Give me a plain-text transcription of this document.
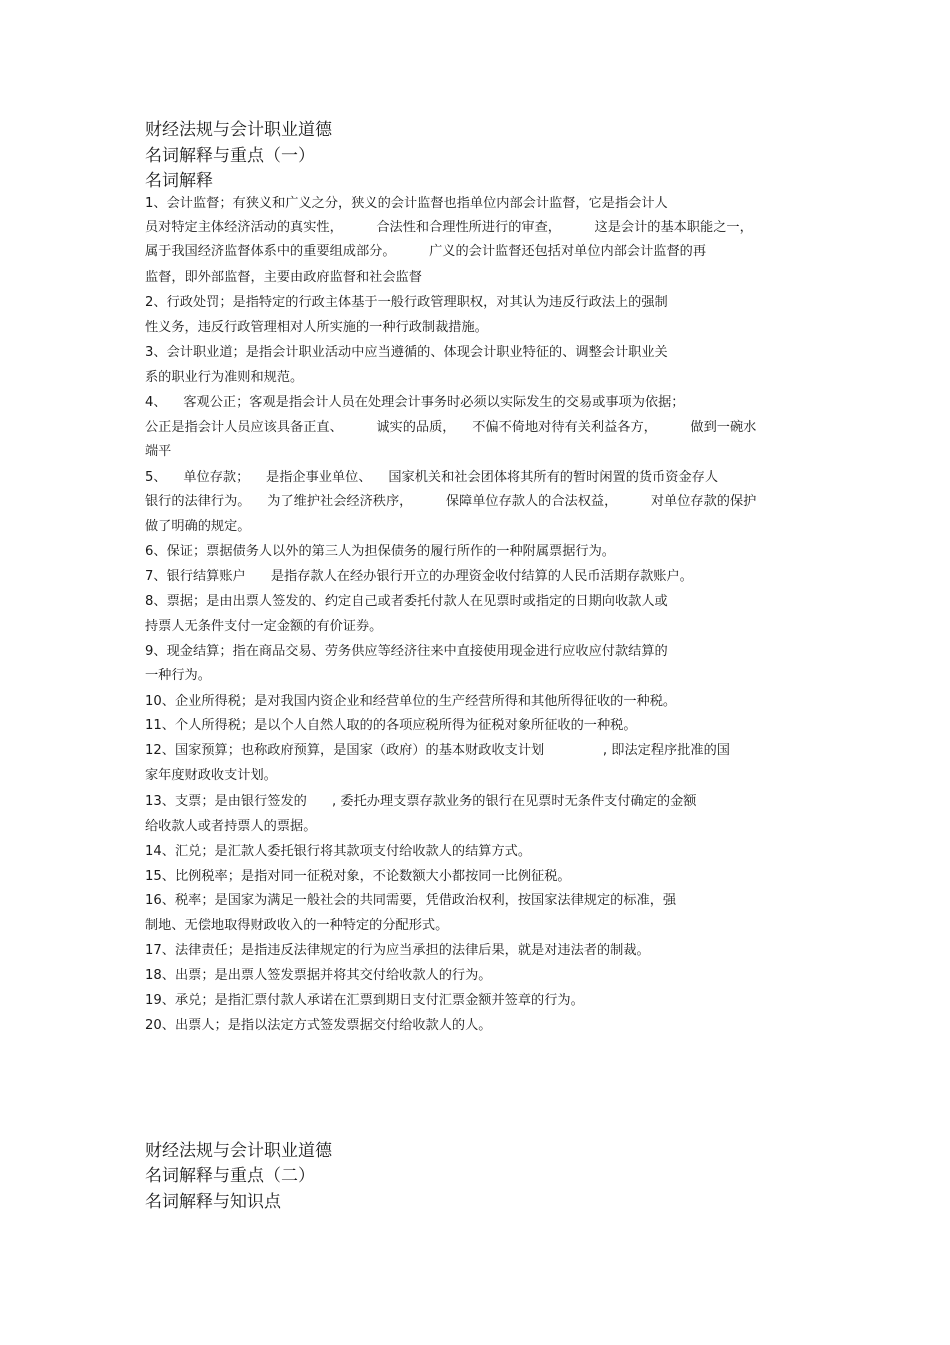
财经法规与会计职业道德
名词解释与重点（一）
名词解释
1、会计监督；有狭义和广义之分，狭义的会计监督也指单位内部会计监督，它是指会计人
员对特定主体经济活动的真实性，        合法性和合理性所进行的审查，        这是会计的基本职能之一，
属于我国经济监督体系中的重要组成部分。        广义的会计监督还包括对单位内部会计监督的再
监督，即外部监督，主要由政府监督和社会监督
2、行政处罚；是指特定的行政主体基于一般行政管理职权，对其认为违反行政法上的强制
性义务，违反行政管理相对人所实施的一种行政制裁措施。
3、会计职业道；是指会计职业活动中应当遵循的、体现会计职业特征的、调整会计职业关
系的职业行为准则和规范。
4、    客观公正；客观是指会计人员在处理会计事务时必须以实际发生的交易或事项为依据；
公正是指会计人员应该具备正直、        诚实的品质，    不偏不倚地对待有关利益各方，        做到一碗水
端平
5、    单位存款；    是指企事业单位、    国家机关和社会团体将其所有的暂时闲置的货币资金存人
银行的法律行为。    为了维护社会经济秩序，        保障单位存款人的合法权益，        对单位存款的保护
做了明确的规定。
6、保证；票据债务人以外的第三人为担保债务的履行所作的一种附属票据行为。
7、银行结算账户      是指存款人在经办银行开立的办理资金收付结算的人民币活期存款账户。
8、票据；是由出票人签发的、约定自己或者委托付款人在见票时或指定的日期向收款人或
持票人无条件支付一定金额的有价证券。
9、现金结算；指在商品交易、劳务供应等经济往来中直接使用现金进行应收应付款结算的
一种行为。
10、企业所得税；是对我国内资企业和经营单位的生产经营所得和其他所得征收的一种税。
11、个人所得税；是以个人自然人取的的各项应税所得为征税对象所征收的一种税。
12、国家预算；也称政府预算，是国家（政府）的基本财政收支计划              , 即法定程序批准的国
家年度财政收支计划。
13、支票；是由银行签发的      , 委托办理支票存款业务的银行在见票时无条件支付确定的金额
给收款人或者持票人的票据。
14、汇兑；是汇款人委托银行将其款项支付给收款人的结算方式。
15、比例税率；是指对同一征税对象，不论数额大小都按同一比例征税。
16、税率；是国家为满足一般社会的共同需要，凭借政治权利，按国家法律规定的标准，强
制地、无偿地取得财政收入的一种特定的分配形式。
17、法律责任；是指违反法律规定的行为应当承担的法律后果，就是对违法者的制裁。
18、出票；是出票人签发票据并将其交付给收款人的行为。
19、承兑；是指汇票付款人承诺在汇票到期日支付汇票金额并签章的行为。
20、出票人；是指以法定方式签发票据交付给收款人的人。
财经法规与会计职业道德
名词解释与重点（二）
名词解释与知识点
